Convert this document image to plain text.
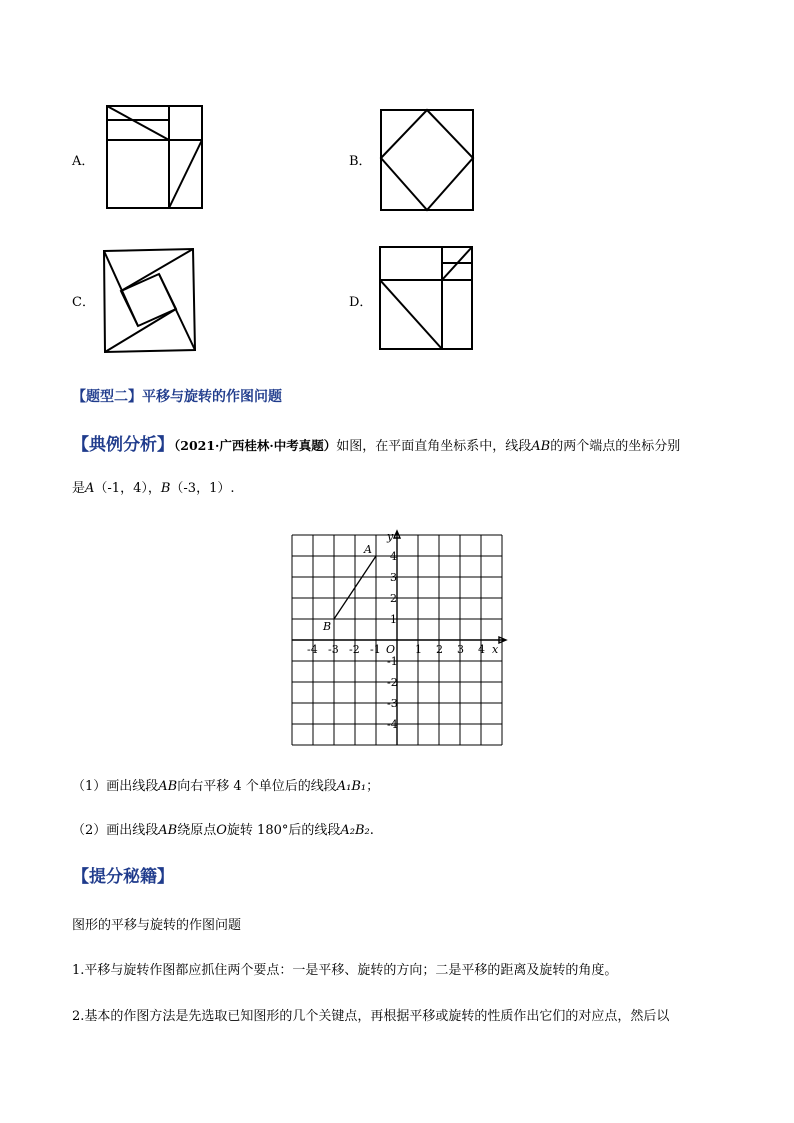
A．	B．
C．	D．
【题型二】平移与旋转的作图问题
【典例分析】（2021·广西桂林·中考真题）如图，在平面直角坐标系中，线段AB的两个端点的坐标分别
是A（-1，4），B（-3，1）.
-4 -3 -2 -1	1 2 3 4
4
3
2
1
-1
-2
-3
-4
A
B
O	x
y
（1）画出线段AB向右平移 4 个单位后的线段A₁B₁；
（2）画出线段AB绕原点O旋转 180°后的线段A₂B₂.
【提分秘籍】
图形的平移与旋转的作图问题
1.平移与旋转作图都应抓住两个要点：一是平移、旋转的方向；二是平移的距离及旋转的角度。
2.基本的作图方法是先选取已知图形的几个关键点，再根据平移或旋转的性质作出它们的对应点，然后以
